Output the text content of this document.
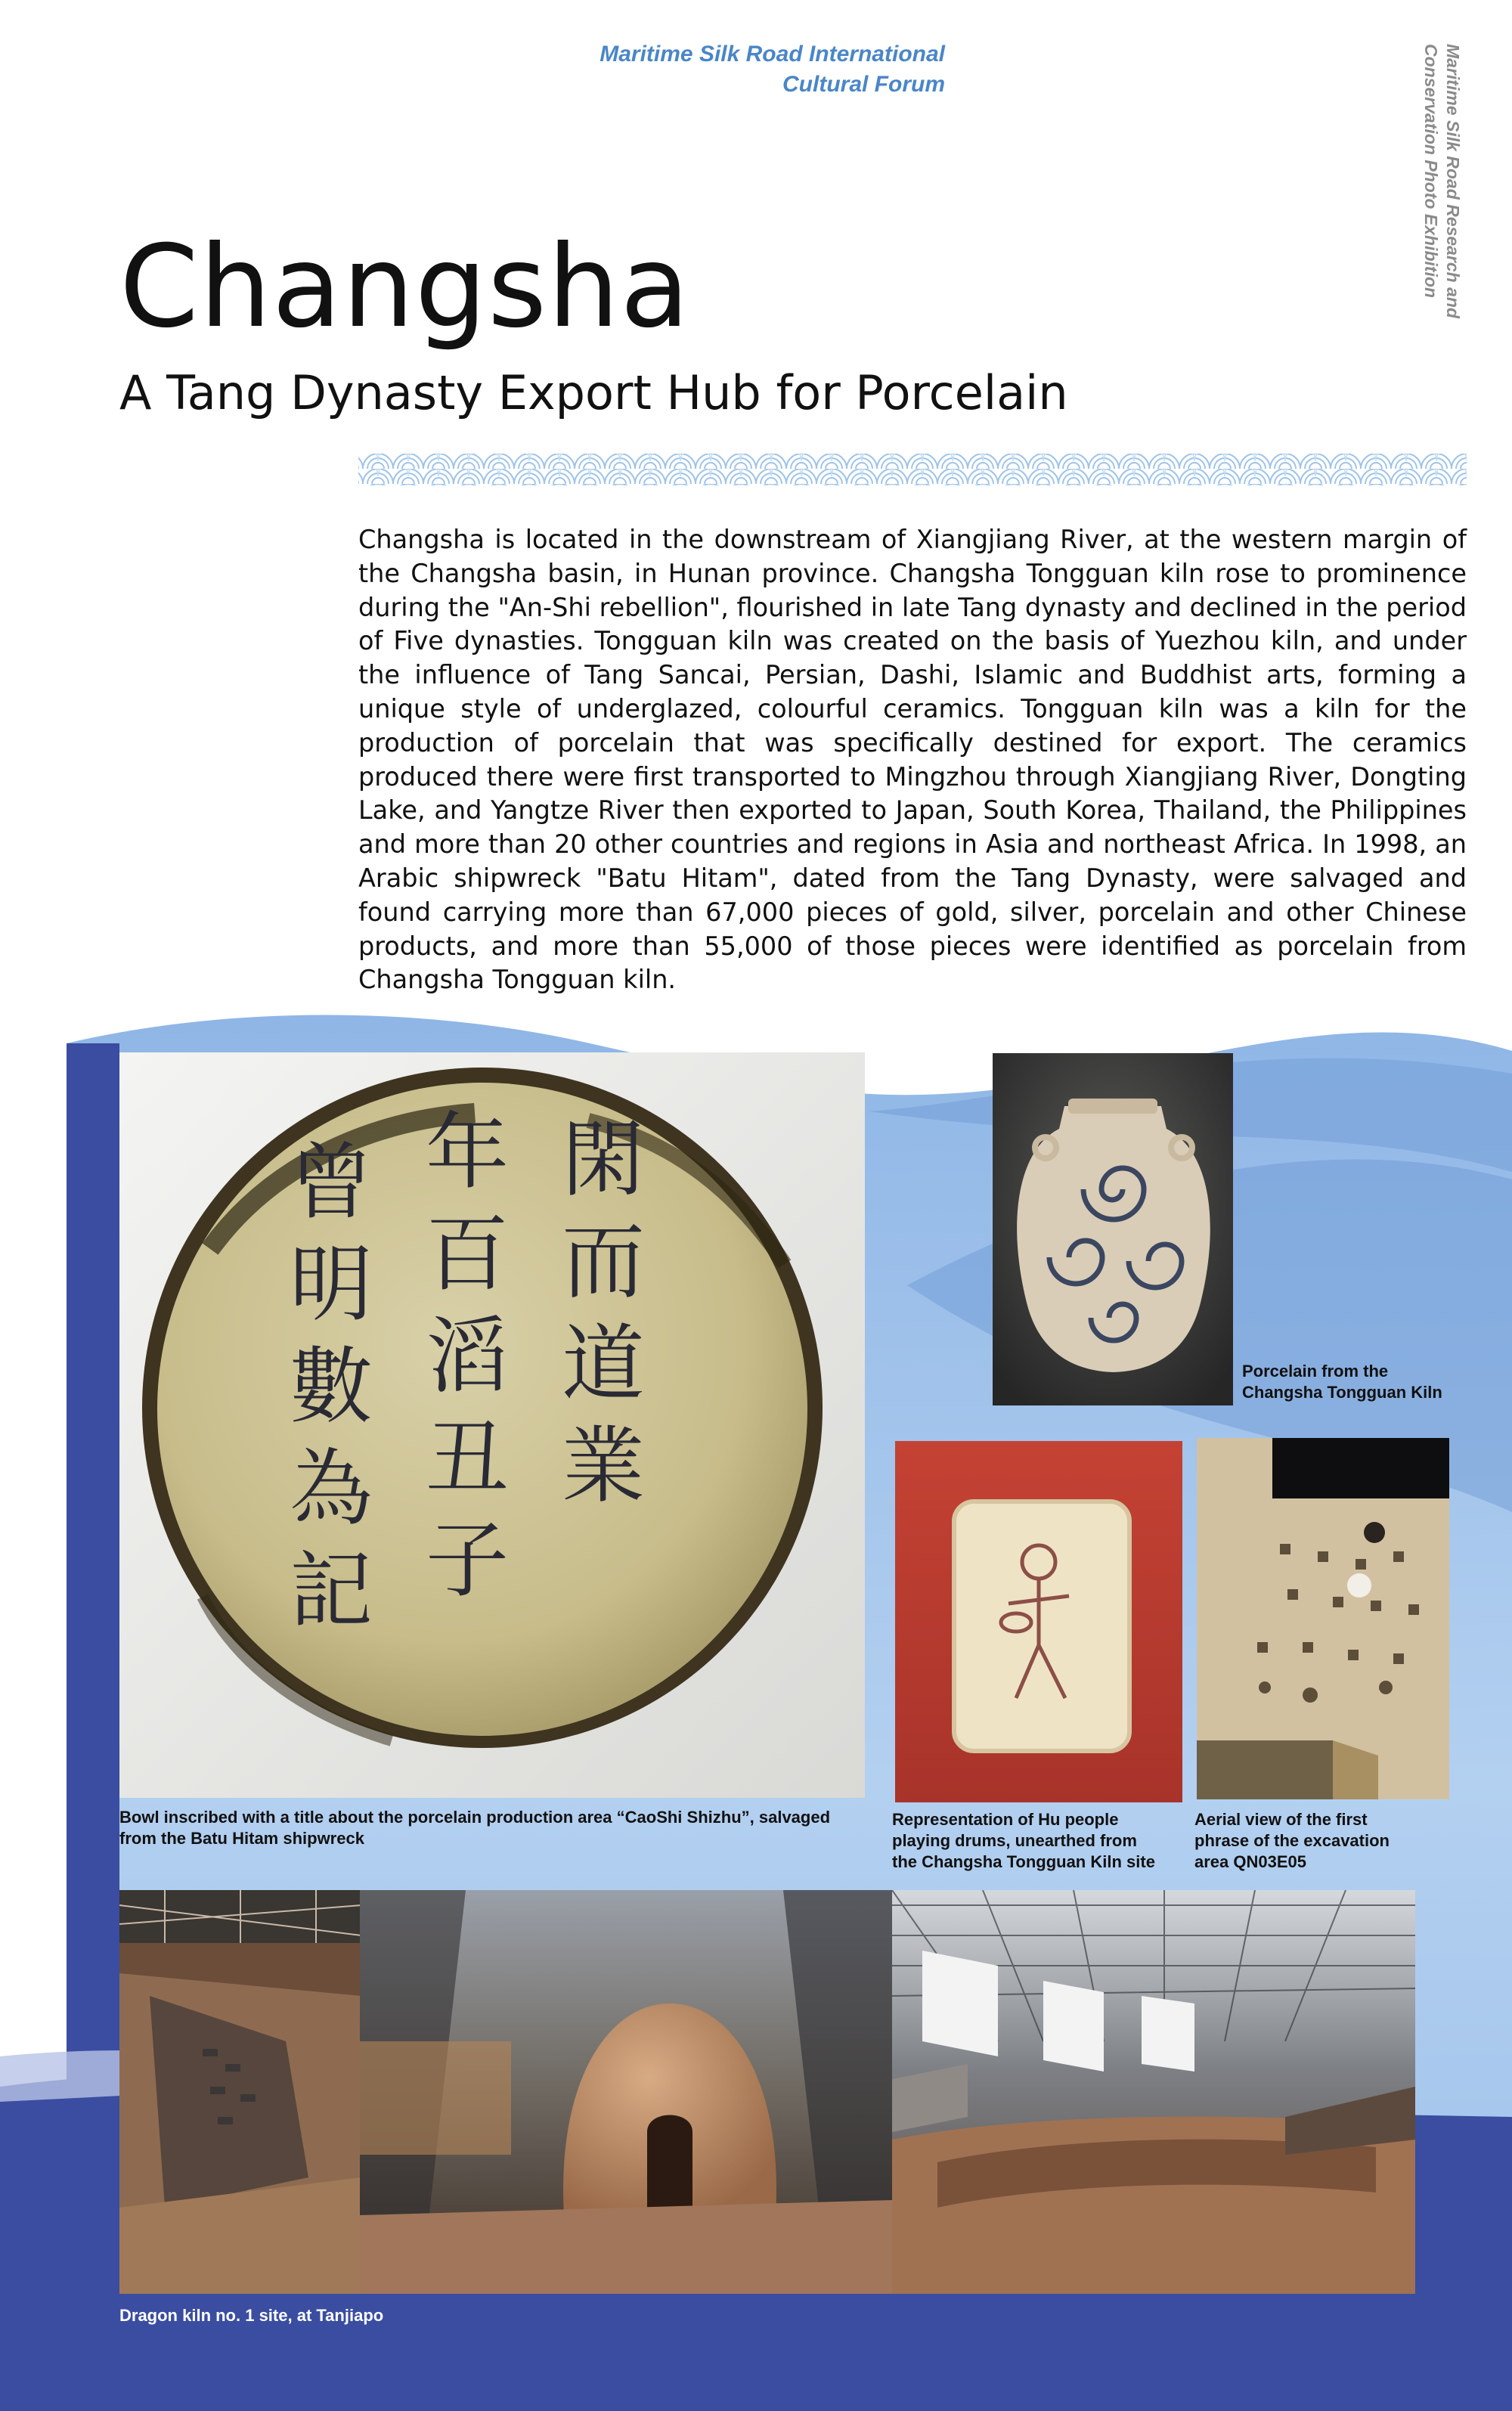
Maritime Silk Road International
Cultural Forum	Maritime Silk Road Research and
Conservation Photo Exhibition
Changsha
A Tang Dynasty Export Hub for Porcelain
Changsha is located in the downstream of Xiangjiang River, at the western margin of the Changsha basin, in Hunan province. Changsha Tongguan kiln rose to prominence during the "An-Shi rebellion", flourished in late Tang dynasty and declined in the period of Five dynasties. Tongguan kiln was created on the basis of Yuezhou kiln, and under the influence of Tang Sancai, Persian, Dashi, Islamic and Buddhist arts, forming a unique style of underglazed, colourful ceramics. Tongguan kiln was a kiln for the production of porcelain that was specifically destined for export. The ceramics produced there were first transported to Mingzhou through Xiangjiang River, Dongting Lake, and Yangtze River then exported to Japan, South Korea, Thailand, the Philippines and more than 20 other countries and regions in Asia and northeast Africa. In 1998, an Arabic shipwreck "Batu Hitam", dated from the Tang Dynasty, were salvaged and found carrying more than 67,000 pieces of gold, silver, porcelain and other Chinese products, and more than 55,000 of those pieces were identified as porcelain from Changsha Tongguan kiln.
閑
而
道
業
年
百
滔
丑
子
曾
明
數
為
記
Bowl inscribed with a title about the porcelain production area “CaoShi Shizhu”, salvaged from the Batu Hitam shipwreck
Porcelain from the
Changsha Tongguan Kiln
Representation of Hu people
playing drums, unearthed from
the Changsha Tongguan Kiln site
Aerial view of the first
phrase of the excavation
area QN03E05
Dragon kiln no. 1 site, at Tanjiapo
